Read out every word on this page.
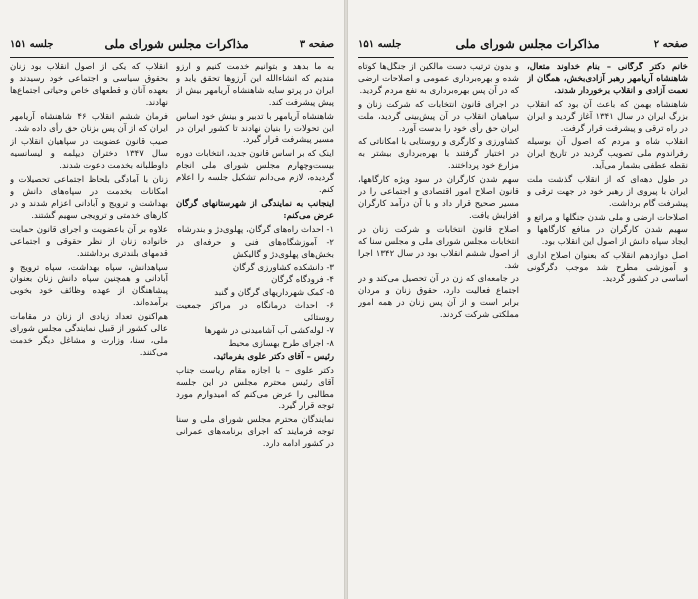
صفحه ۳
مذاکرات مجلس شورای ملی
جلسه ۱۵۱

به ما بدهد و بتوانیم خدمت کنیم و آرزو مندیم که انشاءالله این آرزوها تحقق یابد و ایران در پرتو سایه شاهنشاه آریامهر بیش از پیش پیشرفت کند.

شاهنشاه آریامهر با تدبیر و بینش خود اساس این تحولات را بنیان نهادند تا کشور ایران در مسیر پیشرفت قرار گیرد.

اینک که بر اساس قانون جدید، انتخابات دوره بیست‌وچهارم مجلس شورای ملی انجام گردیده، لازم می‌دانم تشکیل جلسه را اعلام کنم.

اینجانب به نمایندگی از شهرستانهای گرگان عرض می‌کنم:

۱- احداث راه‌های گرگان، پهلوی‌دژ و بندرشاه
۲- آموزشگاه‌های فنی و حرفه‌ای در بخش‌های پهلوی‌دژ و گالیکش
۳- دانشکده کشاورزی گرگان
۴- فرودگاه گرگان
۵- کمک شهرداریهای گرگان و گنبد
۶- احداث درمانگاه در مراکز جمعیت روستائی
۷- لوله‌کشی آب آشامیدنی در شهرها
۸- اجرای طرح بهسازی محیط

رئیس – آقای دکتر علوی بفرمائید.

دکتر علوی – با اجازه مقام ریاست جناب آقای رئیس محترم مجلس در این جلسه مطالبی را عرض می‌کنم که امیدوارم مورد توجه قرار گیرد.

نمایندگان محترم مجلس شورای ملی و سنا توجه فرمایند که اجرای برنامه‌های عمرانی در کشور ادامه دارد.

انقلاب که یکی از اصول انقلاب بود زنان بحقوق سیاسی و اجتماعی خود رسیدند و بعهده آنان و قطعهای خاص وحیاتی اجتماع‌ها نهادند.

فرمان ششم انقلاب ۴۶ شاهنشاه آریامهر ایران که از آن پس بزنان حق رأی داده شد.

صیب قانون عضویت در سپاهیان انقلاب از سال ۱۳۴۷ دختران دیپلمه و لیسانسیه داوطلبانه بخدمت دعوت شدند.

زنان با آمادگی بلحاظ اجتماعی تحصیلات و امکانات بخدمت در سپاه‌های دانش و بهداشت و ترویج و آبادانی اعزام شدند و در کارهای خدمتی و ترویجی سهیم گشتند.

علاوه بر آن باعضویت و اجرای قانون حمایت خانواده زنان از نظر حقوقی و اجتماعی قدمهای بلندتری برداشتند.

سپاهدانش، سپاه بهداشت، سپاه ترویج و آبادانی و همچنین سپاه دانش زنان بعنوان پیشاهنگان از عهده وظائف خود بخوبی برآمده‌اند.

هم‌اکنون تعداد زیادی از زنان در مقامات عالی کشور از قبیل نمایندگی مجلس شورای ملی، سنا، وزارت و مشاغل دیگر خدمت می‌کنند.

صفحه ۲
مذاکرات مجلس شورای ملی
جلسه ۱۵۱

خانم دکتر گرگانی – بنام خداوند متعال، شاهنشاه آریامهر رهبر آزادی‌بخش، همگان از نعمت آزادی و انقلاب برخوردار شدند.

شاهنشاه بهمن که باعث آن بود که انقلاب بزرگ ایران در سال ۱۳۴۱ آغاز گردید و ایران در راه ترقی و پیشرفت قرار گرفت.

انقلاب شاه و مردم که اصول آن بوسیله رفراندوم ملی تصویب گردید در تاریخ ایران نقطه عطفی بشمار می‌آید.

در طول دهه‌ای که از انقلاب گذشت ملت ایران با پیروی از رهبر خود در جهت ترقی و پیشرفت گام برداشت.

اصلاحات ارضی و ملی شدن جنگلها و مراتع و سهیم شدن کارگران در منافع کارگاهها و ایجاد سپاه دانش از اصول این انقلاب بود.

اصل دوازدهم انقلاب که بعنوان اصلاح اداری و آموزشی مطرح شد موجب دگرگونی اساسی در کشور گردید.

و بدون ترتیب دست مالکین از جنگل‌ها کوتاه شده و بهره‌برداری عمومی و اصلاحات ارضی که در آن پس بهره‌برداری به نفع مردم گردید.

در اجرای قانون انتخابات که شرکت زنان و سپاهیان انقلاب در آن پیش‌بینی گردید، ملت ایران حق رأی خود را بدست آورد.

کشاورزی و کارگری و روستایی با امکاناتی که در اختیار گرفتند با بهره‌برداری بیشتر به مزارع خود پرداختند.

سهم شدن کارگران در سود ویژه کارگاهها، قانون اصلاح امور اقتصادی و اجتماعی را در مسیر صحیح قرار داد و با آن درآمد کارگران افزایش یافت.

اصلاح قانون انتخابات و شرکت زنان در انتخابات مجلس شورای ملی و مجلس سنا که از اصول ششم انقلاب بود در سال ۱۳۴۲ اجرا شد.

در جامعه‌ای که زن در آن تحصیل می‌کند و در اجتماع فعالیت دارد، حقوق زنان و مردان برابر است و از آن پس زنان در همه امور مملکتی شرکت کردند.
